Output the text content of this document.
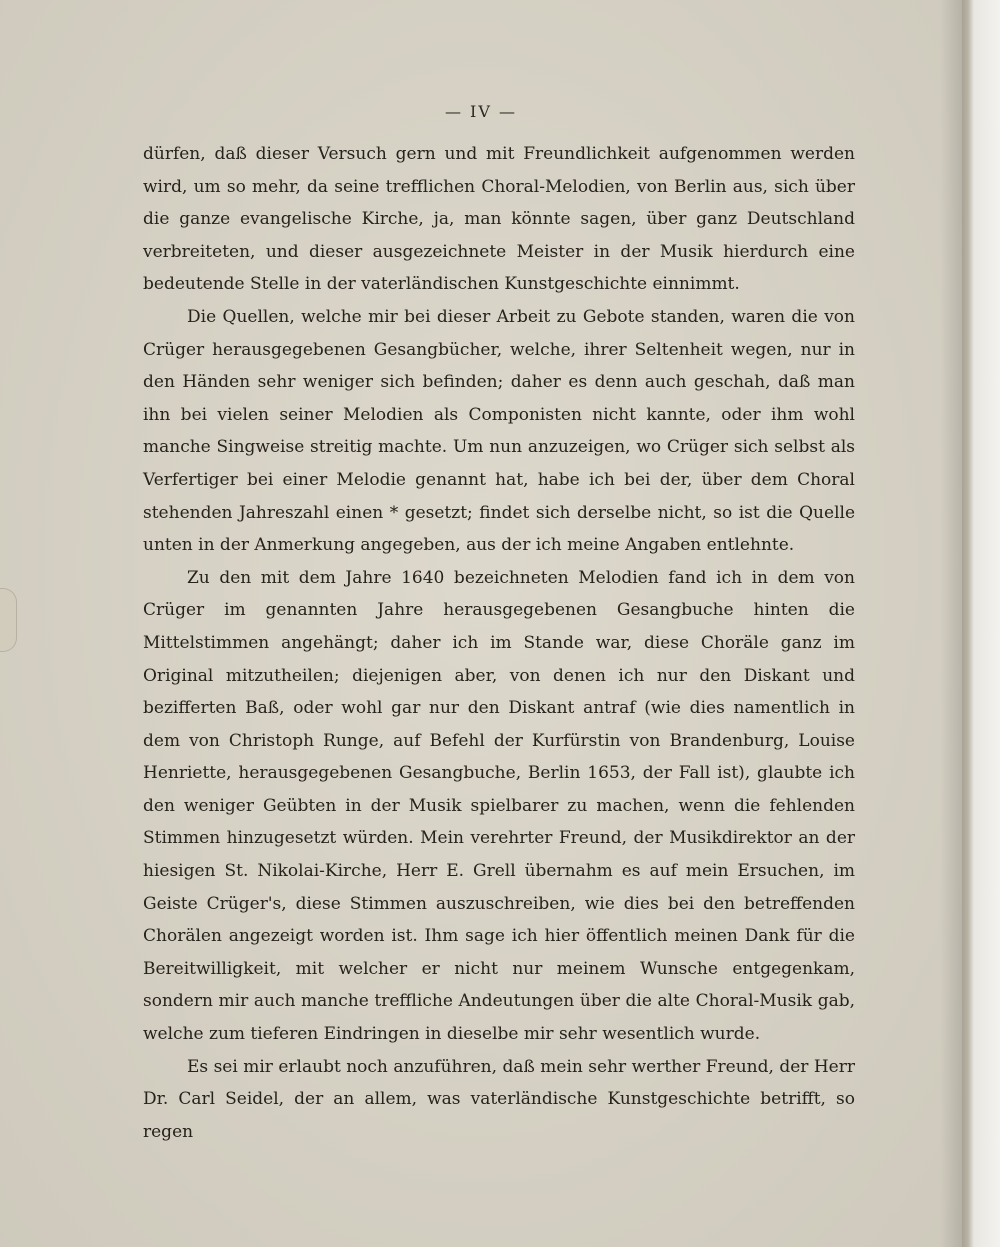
— IV —

dürfen, daß dieser Versuch gern und mit Freundlichkeit aufgenommen werden wird, um so mehr, da seine trefflichen Choral-Melodien, von Berlin aus, sich über die ganze evangelische Kirche, ja, man könnte sagen, über ganz Deutschland verbreiteten, und dieser ausgezeichnete Meister in der Musik hierdurch eine bedeutende Stelle in der vaterländischen Kunstgeschichte einnimmt.

Die Quellen, welche mir bei dieser Arbeit zu Gebote standen, waren die von Crüger herausgegebenen Gesangbücher, welche, ihrer Seltenheit wegen, nur in den Händen sehr weniger sich befinden; daher es denn auch geschah, daß man ihn bei vielen seiner Melodien als Componisten nicht kannte, oder ihm wohl manche Singweise streitig machte. Um nun anzuzeigen, wo Crüger sich selbst als Verfertiger bei einer Melodie genannt hat, habe ich bei der, über dem Choral stehenden Jahreszahl einen * gesetzt; findet sich derselbe nicht, so ist die Quelle unten in der Anmerkung angegeben, aus der ich meine Angaben entlehnte.

Zu den mit dem Jahre 1640 bezeichneten Melodien fand ich in dem von Crüger im genannten Jahre herausgegebenen Gesangbuche hinten die Mittelstimmen angehängt; daher ich im Stande war, diese Choräle ganz im Original mitzutheilen; diejenigen aber, von denen ich nur den Diskant und bezifferten Baß, oder wohl gar nur den Diskant antraf (wie dies namentlich in dem von Christoph Runge, auf Befehl der Kurfürstin von Brandenburg, Louise Henriette, herausgegebenen Gesangbuche, Berlin 1653, der Fall ist), glaubte ich den weniger Geübten in der Musik spielbarer zu machen, wenn die fehlenden Stimmen hinzugesetzt würden. Mein verehrter Freund, der Musikdirektor an der hiesigen St. Nikolai-Kirche, Herr E. Grell übernahm es auf mein Ersuchen, im Geiste Crüger's, diese Stimmen auszuschreiben, wie dies bei den betreffenden Chorälen angezeigt worden ist. Ihm sage ich hier öffentlich meinen Dank für die Bereitwilligkeit, mit welcher er nicht nur meinem Wunsche entgegenkam, sondern mir auch manche treffliche Andeutungen über die alte Choral-Musik gab, welche zum tieferen Eindringen in dieselbe mir sehr wesentlich wurde.

Es sei mir erlaubt noch anzuführen, daß mein sehr werther Freund, der Herr Dr. Carl Seidel, der an allem, was vaterländische Kunstgeschichte betrifft, so regen
